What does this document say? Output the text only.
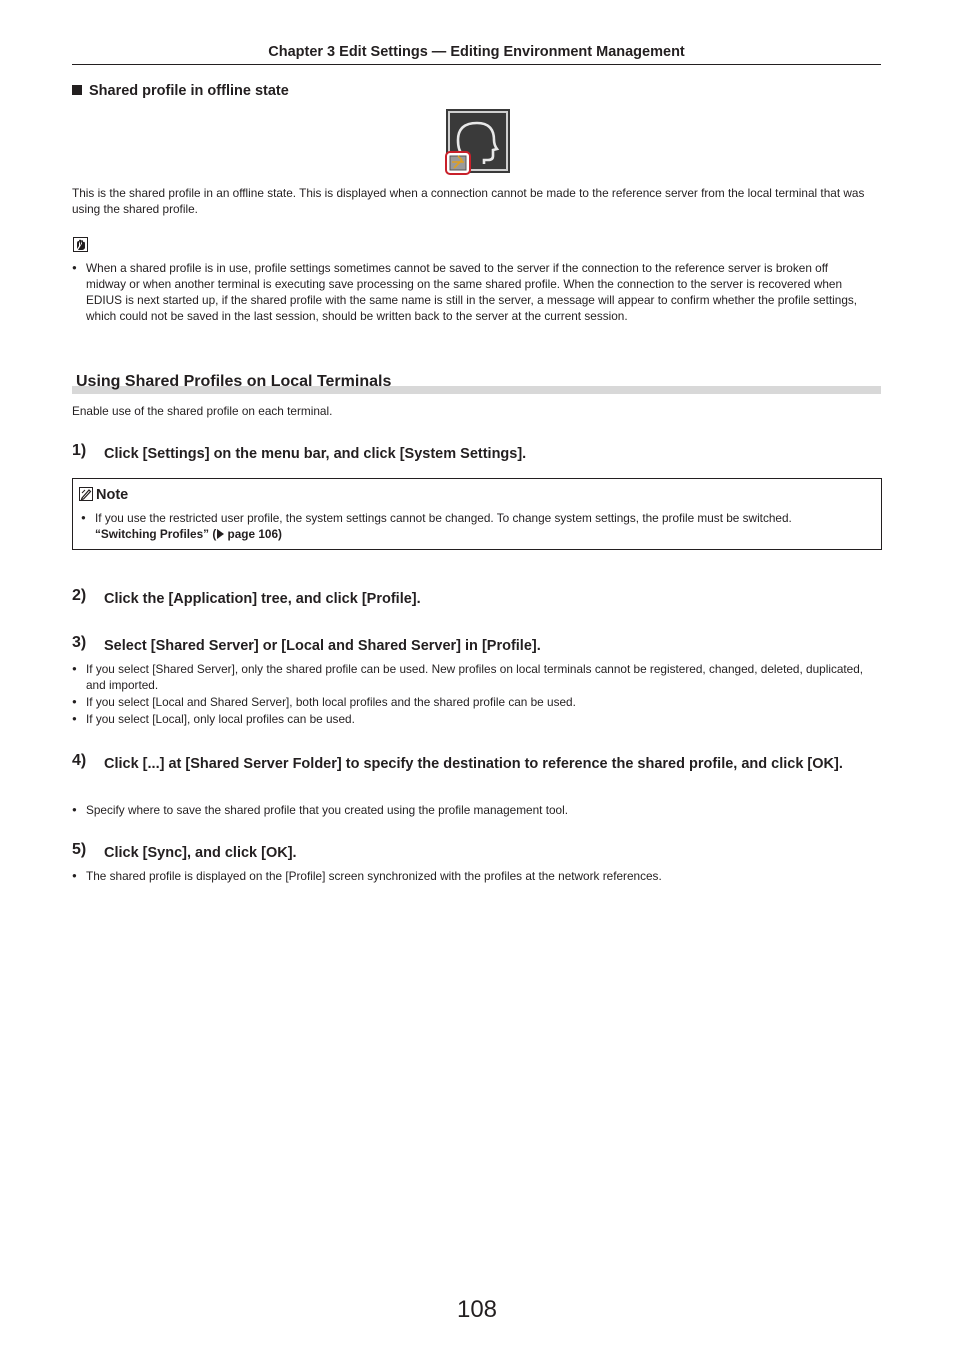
Chapter 3 Edit Settings — Editing Environment Management
Shared profile in offline state
This is the shared profile in an offline state. This is displayed when a connection cannot be made to the reference server from the local terminal that was using the shared profile.
● When a shared profile is in use, profile settings sometimes cannot be saved to the server if the connection to the reference server is broken off midway or when another terminal is executing save processing on the same shared profile. When the connection to the server is recovered when EDIUS is next started up, if the shared profile with the same name is still in the server, a message will appear to confirm whether the profile settings, which could not be saved in the last session, should be written back to the server at the current session.
Using Shared Profiles on Local Terminals
Enable use of the shared profile on each terminal.
1) Click [Settings] on the menu bar, and click [System Settings].
Note
● If you use the restricted user profile, the system settings cannot be changed. To change system settings, the profile must be switched.
“Switching Profiles” ( page 106)
2) Click the [Application] tree, and click [Profile].
3) Select [Shared Server] or [Local and Shared Server] in [Profile].
● If you select [Shared Server], only the shared profile can be used. New profiles on local terminals cannot be registered, changed, deleted, duplicated, and imported.
● If you select [Local and Shared Server], both local profiles and the shared profile can be used.
● If you select [Local], only local profiles can be used.
4) Click [...] at [Shared Server Folder] to specify the destination to reference the shared profile, and click [OK].
● Specify where to save the shared profile that you created using the profile management tool.
5) Click [Sync], and click [OK].
● The shared profile is displayed on the [Profile] screen synchronized with the profiles at the network references.
108
